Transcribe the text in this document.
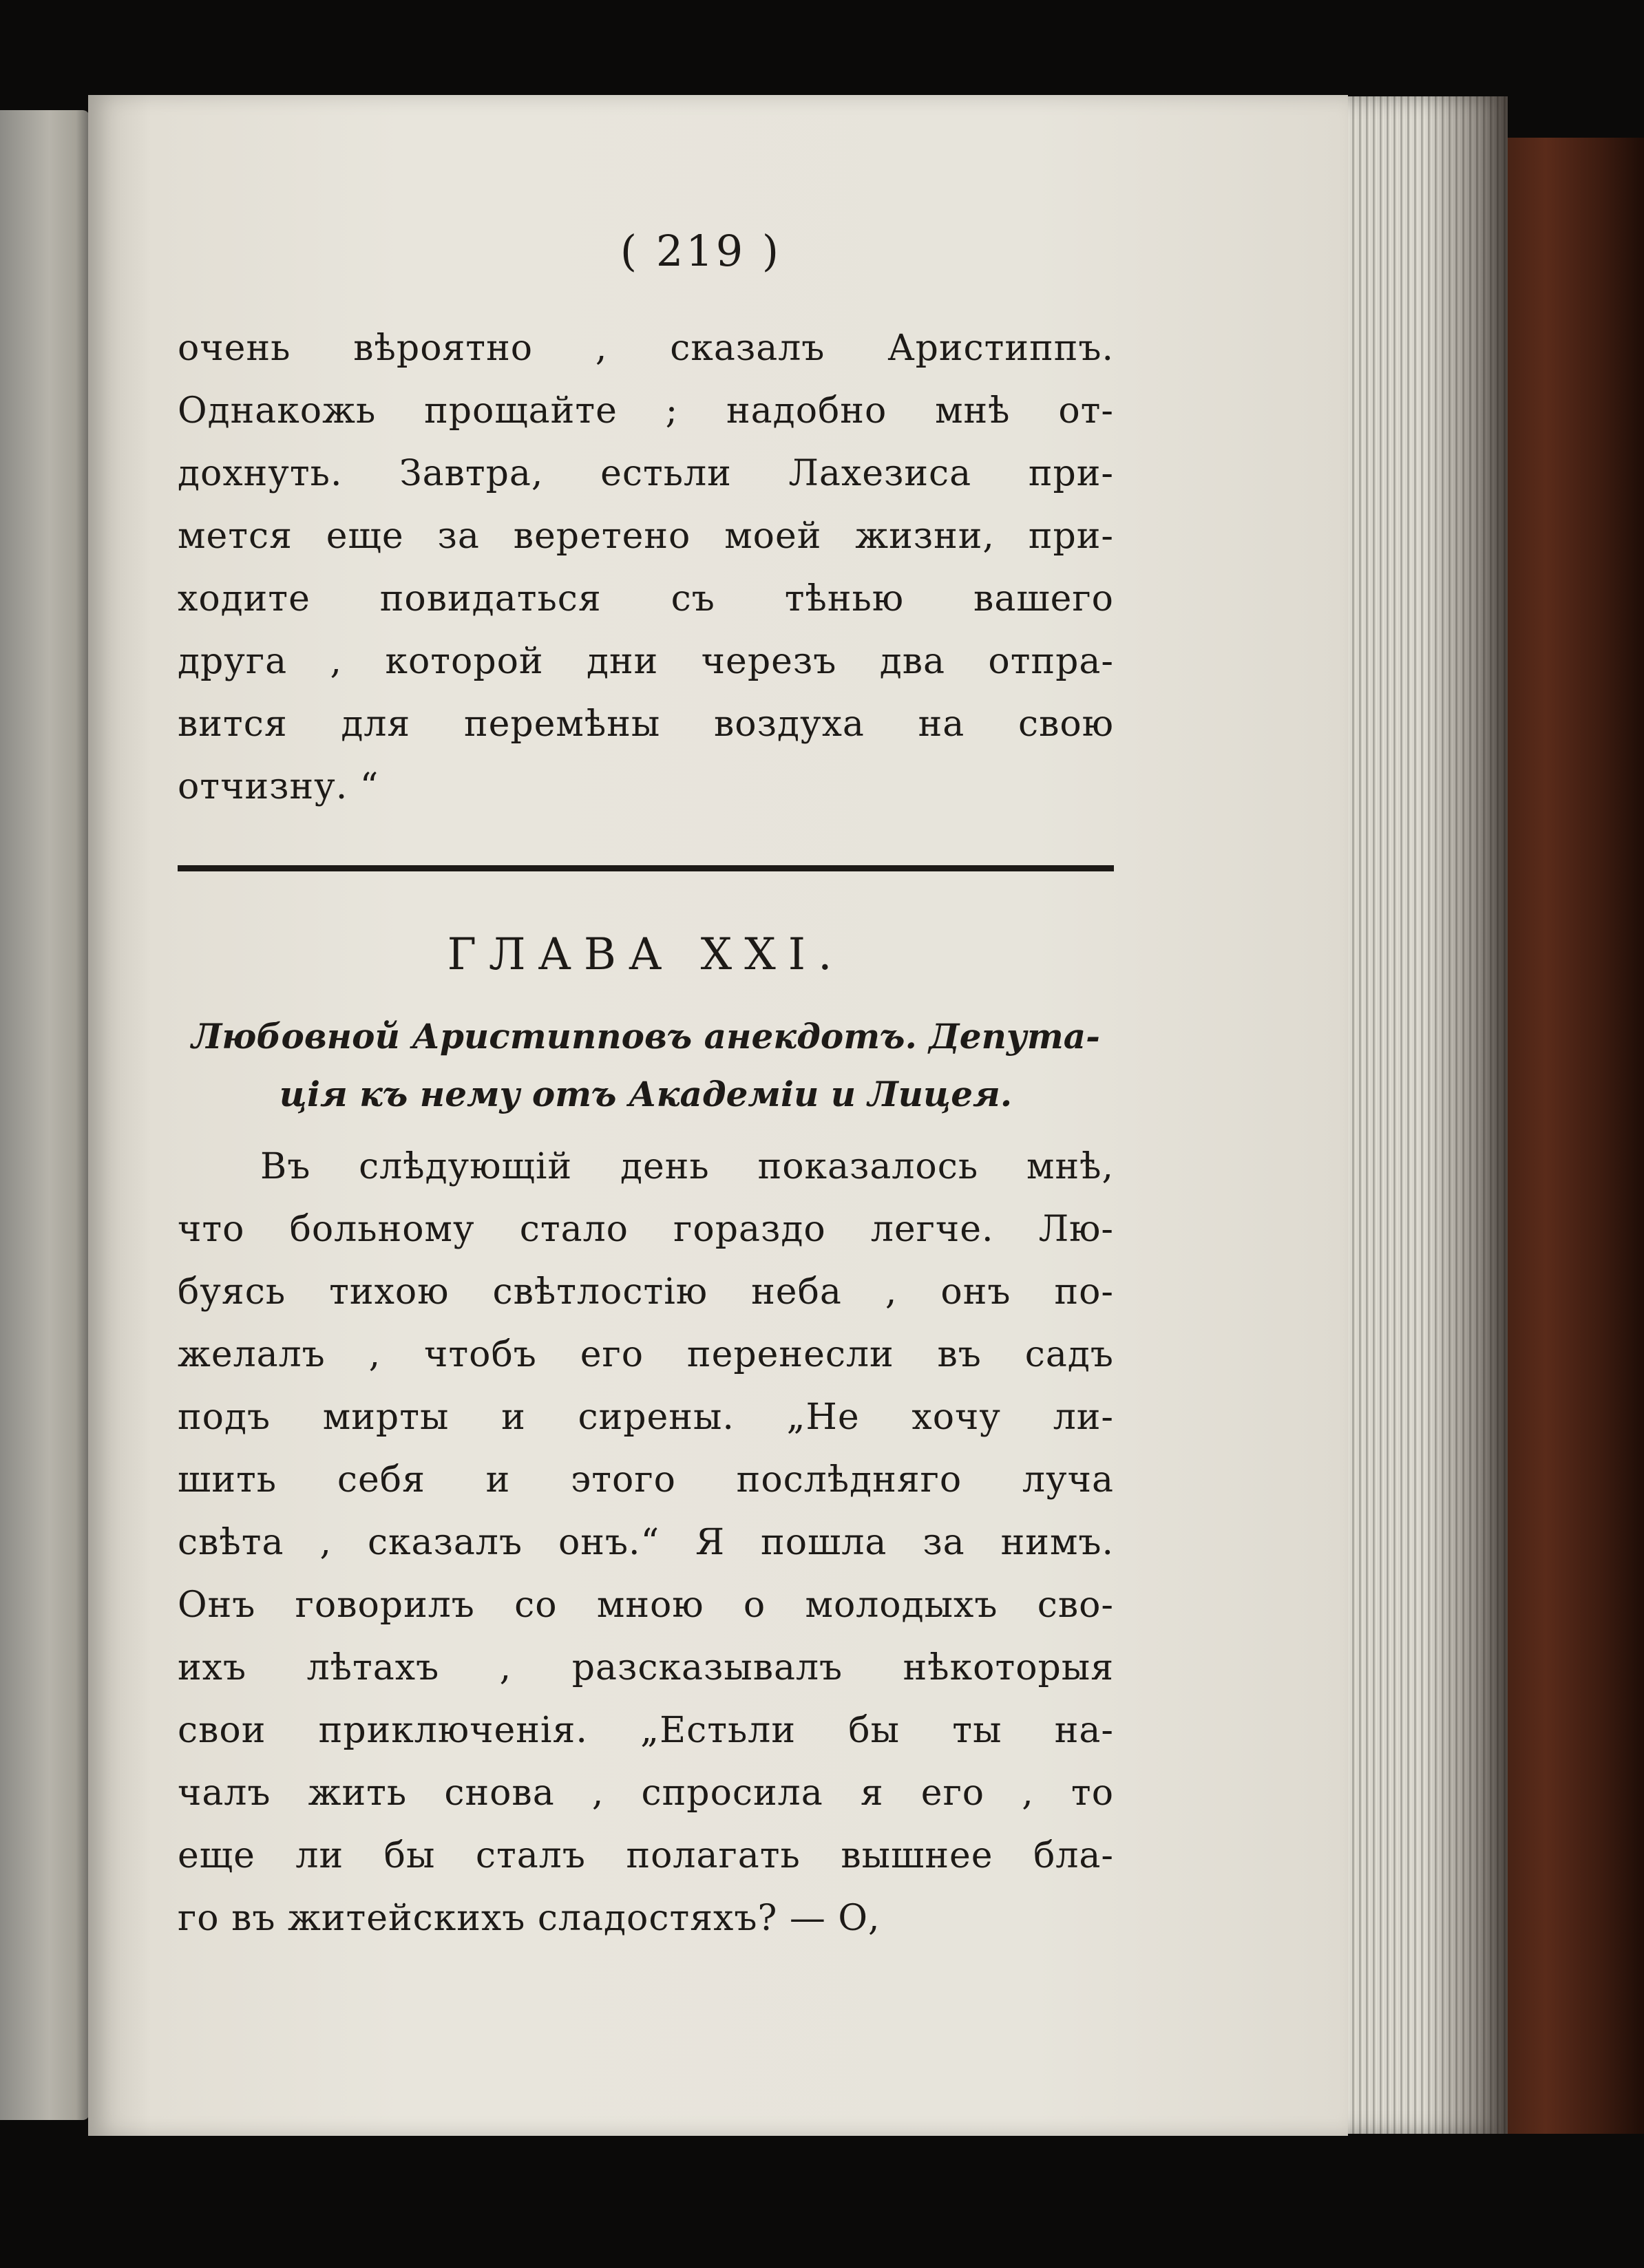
( 219 )
очень вѣроятно , сказалъ Аристиппъ.
Однакожь прощайте ; надобно мнѣ от-
дохнуть. Завтра, естьли Лахезиса при-
мется еще за веретено моей жизни, при-
ходите повидаться съ тѣнью вашего
друга , которой дни черезъ два отпра-
вится для перемѣны воздуха на свою
отчизну. “
ГЛАВА XXI.
Любовной Аристипповъ анекдотъ. Депута-
ція къ нему отъ Академіи и Лицея.
Въ слѣдующій день показалось мнѣ,
что больному стало гораздо легче. Лю-
буясь тихою свѣтлостію неба , онъ по-
желалъ , чтобъ его перенесли въ садъ
подъ мирты и сирены. „Не хочу ли-
шить себя и этого послѣдняго луча
свѣта , сказалъ онъ.“ Я пошла за нимъ.
Онъ говорилъ со мною о молодыхъ сво-
ихъ лѣтахъ , разсказывалъ нѣкоторыя
свои приключенія. „Естьли бы ты на-
чалъ жить снова , спросила я его , то
еще ли бы сталъ полагать вышнее бла-
го въ житейскихъ сладостяхъ? — О,
